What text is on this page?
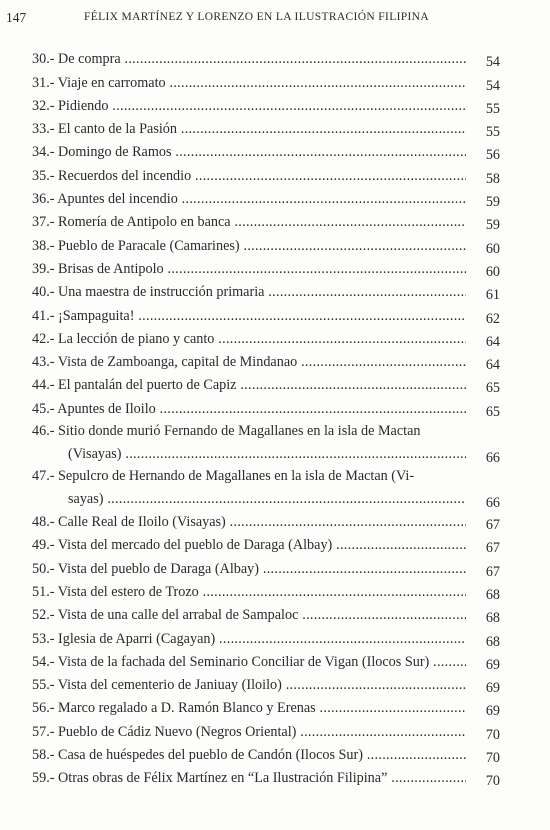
147	FÉLIX MARTÍNEZ Y LORENZO EN LA ILUSTRACIÓN FILIPINA
30.- De compra .....	54
31.- Viaje en carromato .....	54
32.- Pidiendo .....	55
33.- El canto de la Pasión .....	55
34.- Domingo de Ramos .....	56
35.- Recuerdos del incendio .....	58
36.- Apuntes del incendio .....	59
37.- Romería de Antipolo en banca .....	59
38.- Pueblo de Paracale (Camarines) .....	60
39.- Brisas de Antipolo .....	60
40.- Una maestra de instrucción primaria .....	61
41.- ¡Sampaguita! .....	62
42.- La lección de piano y canto .....	64
43.- Vista de Zamboanga, capital de Mindanao .....	64
44.- El pantalán del puerto de Capiz .....	65
45.- Apuntes de Iloilo .....	65
46.- Sitio donde murió Fernando de Magallanes en la isla de Mactan
(Visayas) .....	66
47.- Sepulcro de Hernando de Magallanes en la isla de Mactan (Vi-
sayas) .....	66
48.- Calle Real de Iloilo (Visayas) .....	67
49.- Vista del mercado del pueblo de Daraga (Albay) .....	67
50.- Vista del pueblo de Daraga (Albay) .....	67
51.- Vista del estero de Trozo .....	68
52.- Vista de una calle del arrabal de Sampaloc .....	68
53.- Iglesia de Aparri (Cagayan) .....	68
54.- Vista de la fachada del Seminario Conciliar de Vigan (Ilocos Sur) .....	69
55.- Vista del cementerio de Janiuay (Iloilo) .....	69
56.- Marco regalado a D. Ramón Blanco y Erenas .....	69
57.- Pueblo de Cádiz Nuevo (Negros Oriental) .....	70
58.- Casa de huéspedes del pueblo de Candón (Ilocos Sur) .....	70
59.- Otras obras de Félix Martínez en “La Ilustración Filipina” .....	70
